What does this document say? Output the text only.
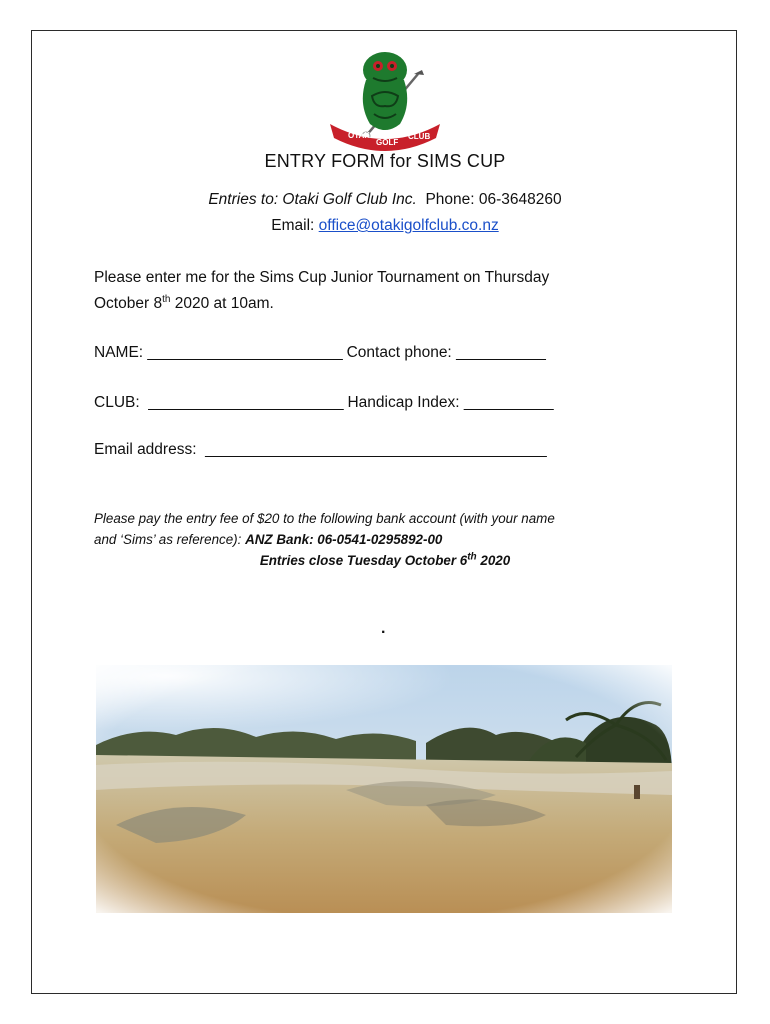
OTAKI
GOLF
CLUB
ENTRY FORM for SIMS CUP
Entries to: Otaki Golf Club Inc. Phone: 06-3648260
Email: office@otakigolfclub.co.nz
Please enter me for the Sims Cup Junior Tournament on Thursday
October 8th 2020 at 10am.
NAME: ________________________ Contact phone: ___________
CLUB: ________________________ Handicap Index: ___________
Email address: __________________________________________
Please pay the entry fee of $20 to the following bank account (with your name
and ‘Sims’ as reference): ANZ Bank: 06-0541-0295892-00
Entries close Tuesday October 6th 2020
.
